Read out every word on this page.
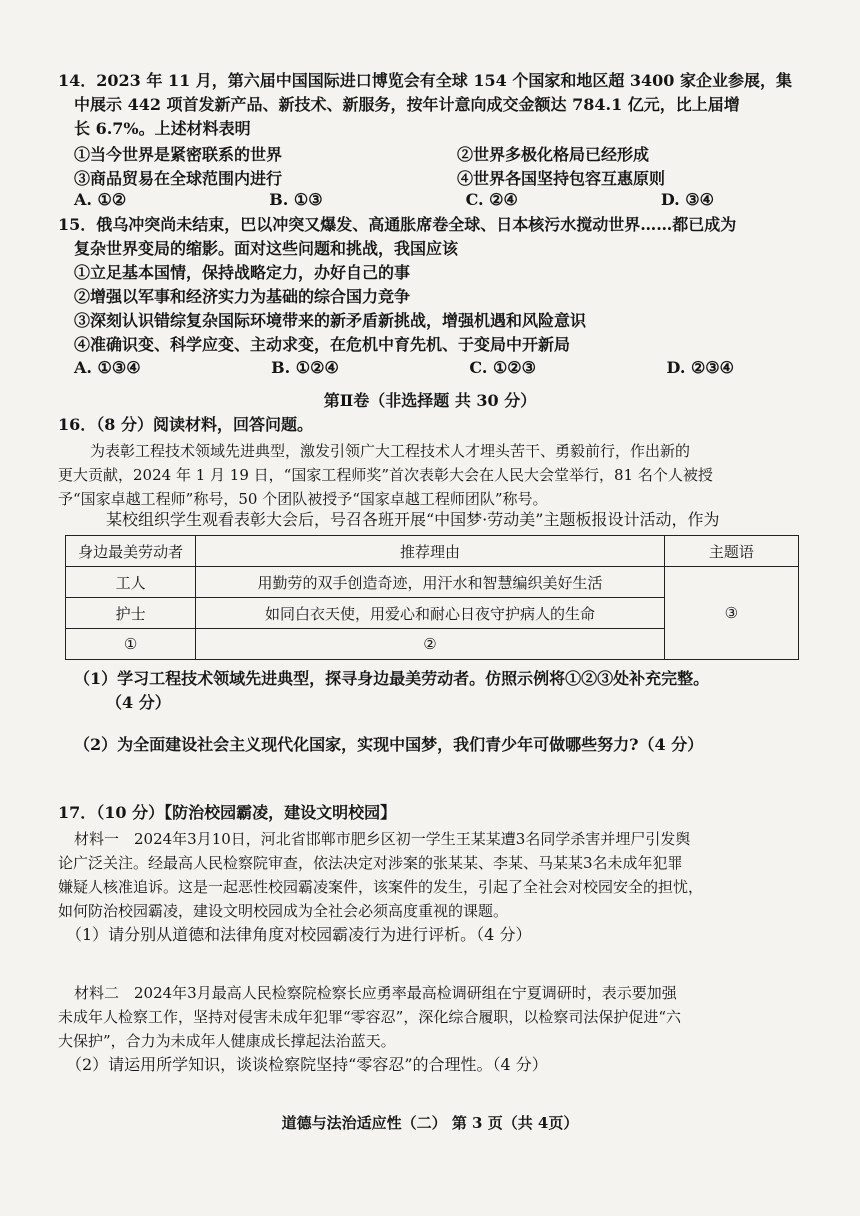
14．2023 年 11 月，第六届中国国际进口博览会有全球 154 个国家和地区超 3400 家企业参展，集
中展示 442 项首发新产品、新技术、新服务，按年计意向成交金额达 784.1 亿元，比上届增
长 6.7%。上述材料表明
①当今世界是紧密联系的世界	②世界多极化格局已经形成
③商品贸易在全球范围内进行	④世界各国坚持包容互惠原则
A. ①②	B. ①③	C. ②④	D. ③④
15．俄乌冲突尚未结束，巴以冲突又爆发、高通胀席卷全球、日本核污水搅动世界……都已成为
复杂世界变局的缩影。面对这些问题和挑战，我国应该
①立足基本国情，保持战略定力，办好自己的事
②增强以军事和经济实力为基础的综合国力竞争
③深刻认识错综复杂国际环境带来的新矛盾新挑战，增强机遇和风险意识
④准确识变、科学应变、主动求变，在危机中育先机、于变局中开新局
A. ①③④	B. ①②④	C. ①②③	D. ②③④
第Ⅱ卷（非选择题 共 30 分）
16．（8 分）阅读材料，回答问题。
为表彰工程技术领域先进典型，激发引领广大工程技术人才埋头苦干、勇毅前行，作出新的
更大贡献，2024 年 1 月 19 日，“国家工程师奖”首次表彰大会在人民大会堂举行，81 名个人被授
予“国家卓越工程师”称号，50 个团队被授予“国家卓越工程师团队”称号。
某校组织学生观看表彰大会后，号召各班开展“中国梦·劳动美”主题板报设计活动，作为
身边最美劳动者	推荐理由	主题语
工人	用勤劳的双手创造奇迹，用汗水和智慧编织美好生活	③
护士	如同白衣天使，用爱心和耐心日夜守护病人的生命	
①	②	
（1）学习工程技术领域先进典型，探寻身边最美劳动者。仿照示例将①②③处补充完整。
（4 分）
（2）为全面建设社会主义现代化国家，实现中国梦，我们青少年可做哪些努力?（4 分）
17．（10 分）【防治校园霸凌，建设文明校园】
材料一　2024年3月10日，河北省邯郸市肥乡区初一学生王某某遭3名同学杀害并埋尸引发舆
论广泛关注。经最高人民检察院审查，依法决定对涉案的张某某、李某、马某某3名未成年犯罪
嫌疑人核准追诉。这是一起恶性校园霸凌案件，该案件的发生，引起了全社会对校园安全的担忧，
如何防治校园霸凌，建设文明校园成为全社会必须高度重视的课题。
（1）请分别从道德和法律角度对校园霸凌行为进行评析。（4 分）
材料二　2024年3月最高人民检察院检察长应勇率最高检调研组在宁夏调研时，表示要加强
未成年人检察工作，坚持对侵害未成年犯罪“零容忍”，深化综合履职，以检察司法保护促进“六
大保护”，合力为未成年人健康成长撑起法治蓝天。
（2）请运用所学知识，谈谈检察院坚持“零容忍”的合理性。（4 分）
道德与法治适应性（二） 第 3 页（共 4页）
